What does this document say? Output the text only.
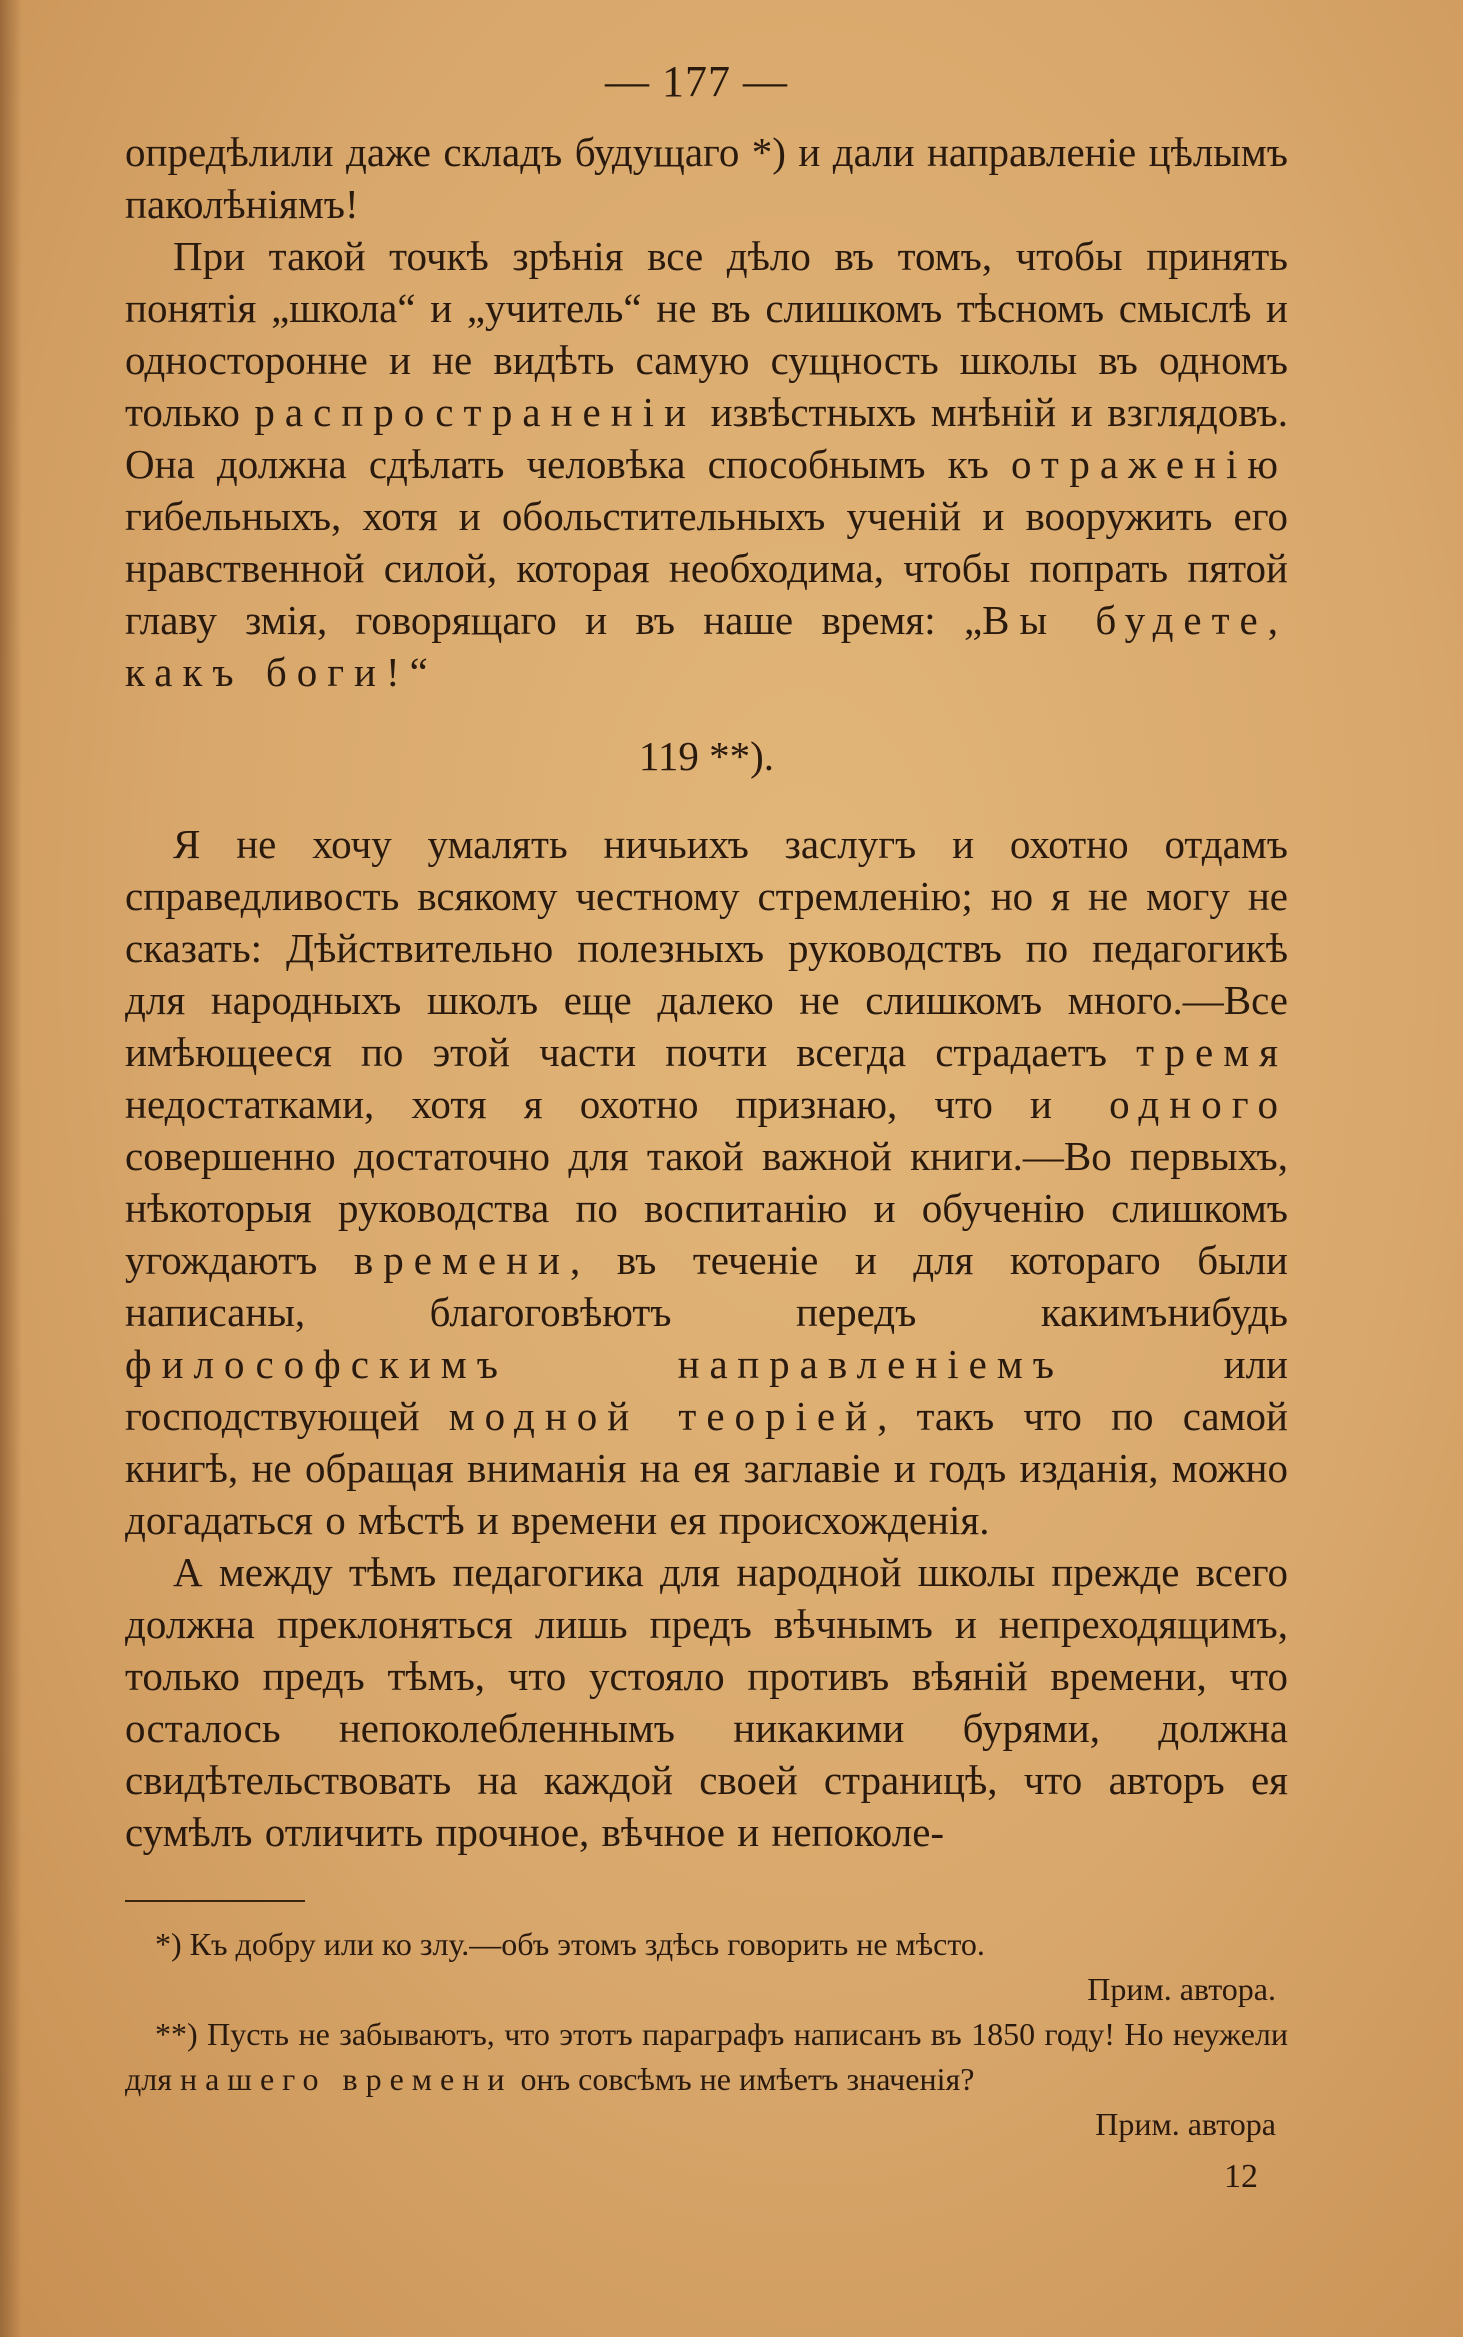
— 177 —

опредѣлили даже складъ будущаго *) и дали направленіе цѣлымъ паколѣніямъ!

При такой точкѣ зрѣнія все дѣло въ томъ, чтобы принять понятія „школа“ и „учитель“ не въ слишкомъ тѣсномъ смыслѣ и односторонне и не видѣть самую сущность школы въ одномъ только распространеніи извѣстныхъ мнѣній и взглядовъ. Она должна сдѣлать человѣка способнымъ къ отраженію гибельныхъ, хотя и обольстительныхъ ученій и вооружить его нравственной силой, которая необходима, чтобы попрать пятой главу змія, говорящаго и въ наше время: „Вы будете, какъ боги!“

119 **).

Я не хочу умалять ничьихъ заслугъ и охотно отдамъ справедливость всякому честному стремленію; но я не могу не сказать: Дѣйствительно полезныхъ руководствъ по педагогикѣ для народныхъ школъ еще далеко не слишкомъ много.—Все имѣющееся по этой части почти всегда страдаетъ тремя недостатками, хотя я охотно признаю, что и одного совершенно достаточно для такой важной книги.—Во первыхъ, нѣкоторыя руководства по воспитанію и обученію слишкомъ угождаютъ времени, въ теченіе и для котораго были написаны, благоговѣютъ передъ какимънибудь философскимъ направленіемъ или господствующей модной теоріей, такъ что по самой книгѣ, не обращая вниманія на ея заглавіе и годъ изданія, можно догадаться о мѣстѣ и времени ея происхожденія.

А между тѣмъ педагогика для народной школы прежде всего должна преклоняться лишь предъ вѣчнымъ и непреходящимъ, только предъ тѣмъ, что устояло противъ вѣяній времени, что осталось непоколебленнымъ никакими бурями, должна свидѣтельствовать на каждой своей страницѣ, что авторъ ея сумѣлъ отличить прочное, вѣчное и непоколе-

*) Къ добру или ко злу.—объ этомъ здѣсь говорить не мѣсто.

Прим. автора.

**) Пусть не забываютъ, что этотъ параграфъ написанъ въ 1850 году! Но неужели для нашего времени онъ совсѣмъ не имѣетъ значенія?

Прим. автора

12
